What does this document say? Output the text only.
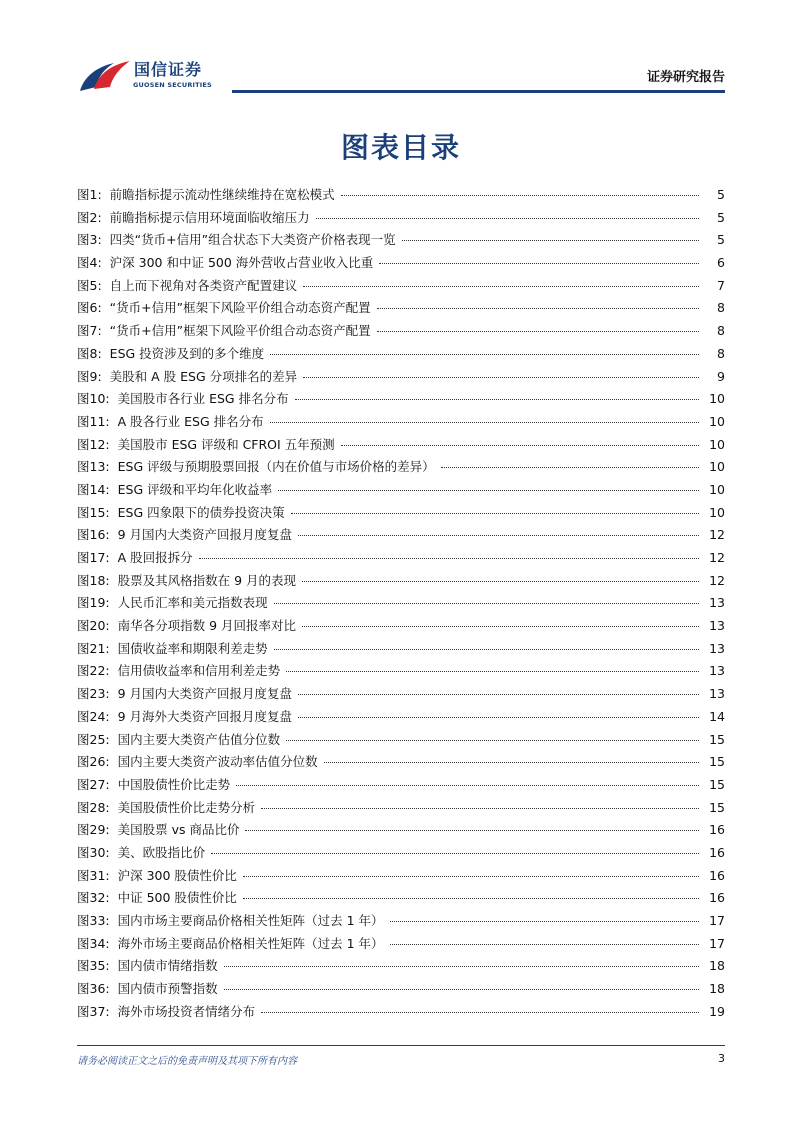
国信证券
GUOSEN SECURITIES	证券研究报告
图表目录
图1: 前瞻指标提示流动性继续维持在宽松模式	5
图2: 前瞻指标提示信用环境面临收缩压力	5
图3: 四类“货币+信用”组合状态下大类资产价格表现一览	5
图4: 沪深 300 和中证 500 海外营收占营业收入比重	6
图5: 自上而下视角对各类资产配置建议	7
图6: “货币+信用”框架下风险平价组合动态资产配置	8
图7: “货币+信用”框架下风险平价组合动态资产配置	8
图8: ESG 投资涉及到的多个维度	8
图9: 美股和 A 股 ESG 分项排名的差异	9
图10: 美国股市各行业 ESG 排名分布	10
图11: A 股各行业 ESG 排名分布	10
图12: 美国股市 ESG 评级和 CFROI 五年预测	10
图13: ESG 评级与预期股票回报（内在价值与市场价格的差异）	10
图14: ESG 评级和平均年化收益率	10
图15: ESG 四象限下的债券投资决策	10
图16: 9 月国内大类资产回报月度复盘	12
图17: A 股回报拆分	12
图18: 股票及其风格指数在 9 月的表现	12
图19: 人民币汇率和美元指数表现	13
图20: 南华各分项指数 9 月回报率对比	13
图21: 国债收益率和期限利差走势	13
图22: 信用债收益率和信用利差走势	13
图23: 9 月国内大类资产回报月度复盘	13
图24: 9 月海外大类资产回报月度复盘	14
图25: 国内主要大类资产估值分位数	15
图26: 国内主要大类资产波动率估值分位数	15
图27: 中国股债性价比走势	15
图28: 美国股债性价比走势分析	15
图29: 美国股票 vs 商品比价	16
图30: 美、欧股指比价	16
图31: 沪深 300 股债性价比	16
图32: 中证 500 股债性价比	16
图33: 国内市场主要商品价格相关性矩阵（过去 1 年）	17
图34: 海外市场主要商品价格相关性矩阵（过去 1 年）	17
图35: 国内债市情绪指数	18
图36: 国内债市预警指数	18
图37: 海外市场投资者情绪分布	19
请务必阅读正文之后的免责声明及其项下所有内容	3
